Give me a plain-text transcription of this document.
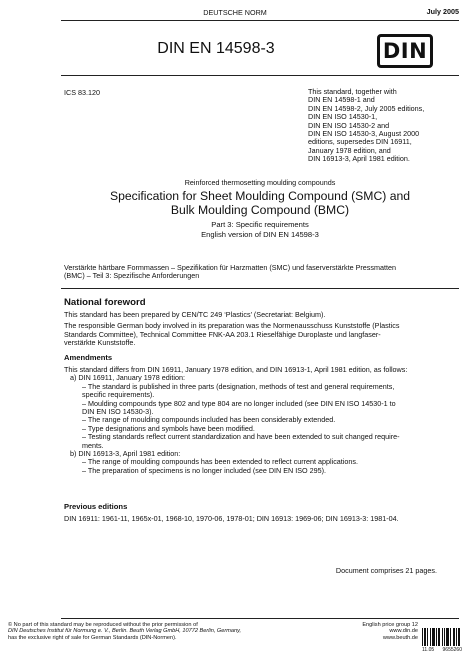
DEUTSCHE NORM	July 2005
DIN EN 14598-3	DIN
ICS 83.120	This standard, together with
DIN EN 14598-1 and
DIN EN 14598-2, July 2005 editions,
DIN EN ISO 14530-1,
DIN EN ISO 14530-2 and
DIN EN ISO 14530-3, August 2000
editions, supersedes DIN 16911,
January 1978 edition, and
DIN 16913-3, April 1981 edition.
Reinforced thermosetting moulding compounds
Specification for Sheet Moulding Compound (SMC) and
Bulk Moulding Compound (BMC)
Part 3: Specific requirements
English version of DIN EN 14598-3
Verstärkte härtbare Formmassen – Spezifikation für Harzmatten (SMC) und faserverstärkte Pressmatten
(BMC) – Teil 3: Spezifische Anforderungen
National foreword
This standard has been prepared by CEN/TC 249 ‘Plastics’ (Secretariat: Belgium).
The responsible German body involved in its preparation was the Normenausschuss Kunststoffe (Plastics
Standards Committee), Technical Committee FNK-AA 203.1 Rieselfähige Duroplaste und langfaser-
verstärkte Kunststoffe.
Amendments
This standard differs from DIN 16911, January 1978 edition, and DIN 16913-1, April 1981 edition, as follows:
a) DIN 16911, January 1978 edition:
– The standard is published in three parts (designation, methods of test and general requirements,
specific requirements).
– Moulding compounds type 802 and type 804 are no longer included (see DIN EN ISO 14530-1 to
DIN EN ISO 14530-3).
– The range of moulding compounds included has been considerably extended.
– Type designations and symbols have been modified.
– Testing standards reflect current standardization and have been extended to suit changed require-
ments.
b) DIN 16913-3, April 1981 edition:
– The range of moulding compounds has been extended to reflect current applications.
– The preparation of specimens is no longer included (see DIN EN ISO 295).
Previous editions
DIN 16911: 1961-11, 1965x-01, 1968-10, 1970-06, 1978-01; DIN 16913: 1969-06; DIN 16913-3: 1981-04.
Document comprises 21 pages.
© No part of this standard may be reproduced without the prior permission of
DIN Deutsches Institut für Normung e. V., Berlin. Beuth Verlag GmbH, 10772 Berlin, Germany,
has the exclusive right of sale for German Standards (DIN-Normen).
English price group 12
www.din.de
www.beuth.de
11.05 9655260
